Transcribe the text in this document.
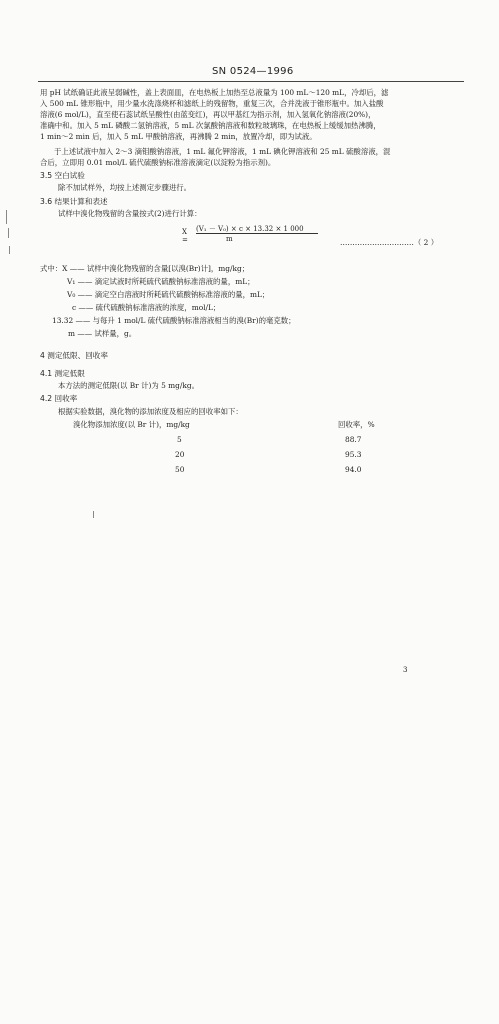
SN 0524—1996
用 pH 试纸确证此液呈弱碱性，盖上表面皿，在电热板上加热至总液量为 100 mL～120 mL，冷却后，滤
入 500 mL 锥形瓶中，用少量水洗涤烧杯和滤纸上的残留物，重复三次，合并洗液于锥形瓶中。加入盐酸
溶液(6 mol/L)，直至使石蕊试纸呈酸性(由蓝变红)，再以甲基红为指示剂，加入氢氧化钠溶液(20%)，
准确中和。加入 5 mL 磷酸二氢钠溶液，5 mL 次氯酸钠溶液和数粒玻璃珠，在电热板上缓缓加热沸腾，
1 min～2 min 后，加入 5 mL 甲酸钠溶液，再沸腾 2 min，放置冷却，即为试液。
于上述试液中加入 2～3 滴钼酸钠溶液，1 mL 氟化钾溶液，1 mL 碘化钾溶液和 25 mL 硫酸溶液，混
合后，立即用 0.01 mol/L 硫代硫酸钠标准溶液滴定(以淀粉为指示剂)。
3.5 空白试验
除不加试样外，均按上述测定步骤进行。
3.6 结果计算和表述
试样中溴化物残留的含量按式(2)进行计算：
X =
(V₁ － V₀) × c × 13.32 × 1 000
m	…………………………（ 2 ）
式中：X —— 试样中溴化物残留的含量[以溴(Br)计]，mg/kg；
V₁ —— 滴定试液时所耗硫代硫酸钠标准溶液的量，mL；
V₀ —— 滴定空白溶液时所耗硫代硫酸钠标准溶液的量，mL；
c —— 硫代硫酸钠标准溶液的浓度，mol/L；
13.32 —— 与每升 1 mol/L 硫代硫酸钠标准溶液相当的溴(Br)的毫克数；
m —— 试样量，g。
4 测定低限、回收率
4.1 测定低限
本方法的测定低限(以 Br 计)为 5 mg/kg。
4.2 回收率
根据实验数据，溴化物的添加浓度及相应的回收率如下：
溴化物添加浓度(以 Br 计)，mg/kg	回收率，%
5	88.7
20	95.3
50	94.0
3
